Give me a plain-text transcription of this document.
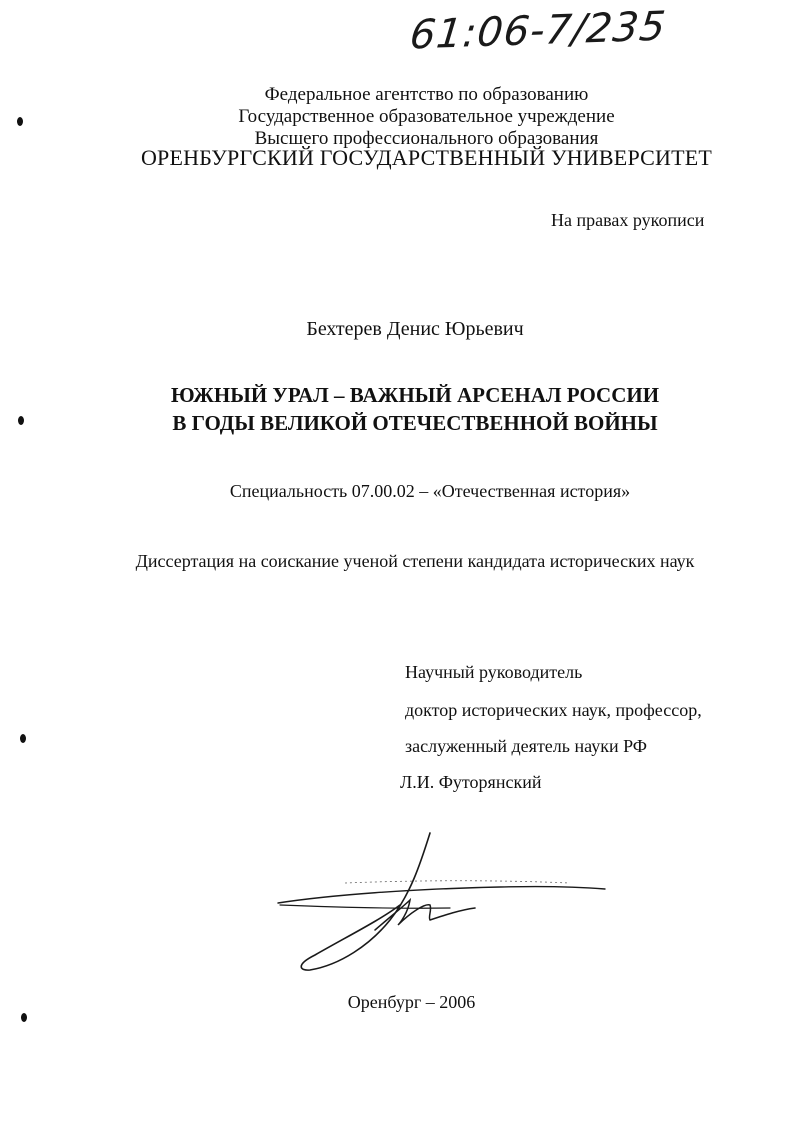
61:06-7/235

Федеральное агентство по образованию

Государственное образовательное учреждение

Высшего профессионального образования

ОРЕНБУРГСКИЙ ГОСУДАРСТВЕННЫЙ УНИВЕРСИТЕТ

На правах рукописи

Бехтерев Денис Юрьевич

ЮЖНЫЙ УРАЛ – ВАЖНЫЙ АРСЕНАЛ РОССИИ

В ГОДЫ ВЕЛИКОЙ ОТЕЧЕСТВЕННОЙ ВОЙНЫ

Специальность 07.00.02 – «Отечественная история»

Диссертация на соискание ученой степени кандидата исторических наук

Научный руководитель

доктор исторических наук, профессор,

заслуженный деятель науки РФ

Л.И. Футорянский

Оренбург – 2006
